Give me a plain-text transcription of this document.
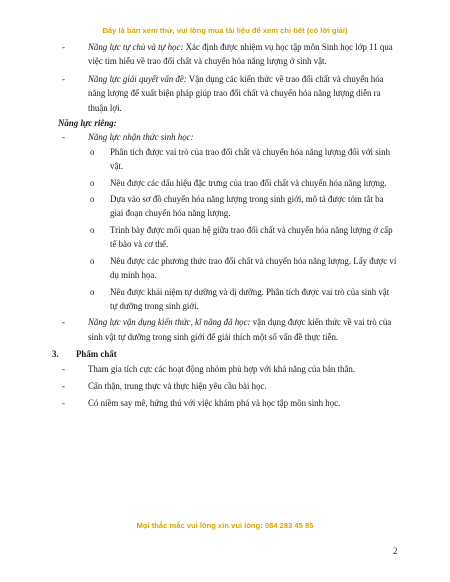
Đây là bản xem thử, vui lòng mua tài liệu để xem chi tiết (có lời giải)

-	Năng lực tự chủ và tự học: Xác định được nhiệm vụ học tập môn Sinh học lớp 11 qua việc tìm hiểu về trao đổi chất và chuyển hóa năng lượng ở sinh vật.

-	Năng lực giải quyết vấn đề: Vận dụng các kiến thức về trao đổi chất và chuyển hóa năng lượng để xuất biện pháp giúp trao đổi chất và chuyển hóa năng lượng diễn ra thuận lợi.

Năng lực riêng:

-	Năng lực nhận thức sinh học:

o Phân tích được vai trò của trao đổi chất và chuyển hóa năng lượng đối với sinh vật.

o Nêu được các dấu hiệu đặc trưng của trao đổi chất và chuyển hóa năng lượng.

o Dựa vào sơ đồ chuyển hóa năng lượng trong sinh giới, mô tả được tóm tắt ba giai đoạn chuyển hóa năng lượng.

o Trình bày được mối quan hệ giữa trao đổi chất và chuyển hóa năng lượng ở cấp tế bào và cơ thể.

o Nêu được các phương thức trao đổi chất và chuyển hóa năng lượng. Lấy được ví dụ minh họa.

o Nêu được khái niệm tự dưỡng và dị dưỡng. Phân tích được vai trò của sinh vật tự dưỡng trong sinh giới.

-	Năng lực vận dụng kiến thức, kĩ năng đã học: vận dụng được kiến thức về vai trò của sinh vật tự dưỡng trong sinh giới để giải thích một số vấn đề thực tiễn.

3. Phẩm chất

-	Tham gia tích cực các hoạt động nhóm phù hợp với khả năng của bản thân.

-	Cẩn thận, trung thực và thực hiện yêu cầu bài học.

-	Có niềm say mê, hứng thú với việc khám phá và học tập môn sinh học.

Mọi thắc mắc vui lòng xin vui lòng: 084 283 45 85
2
